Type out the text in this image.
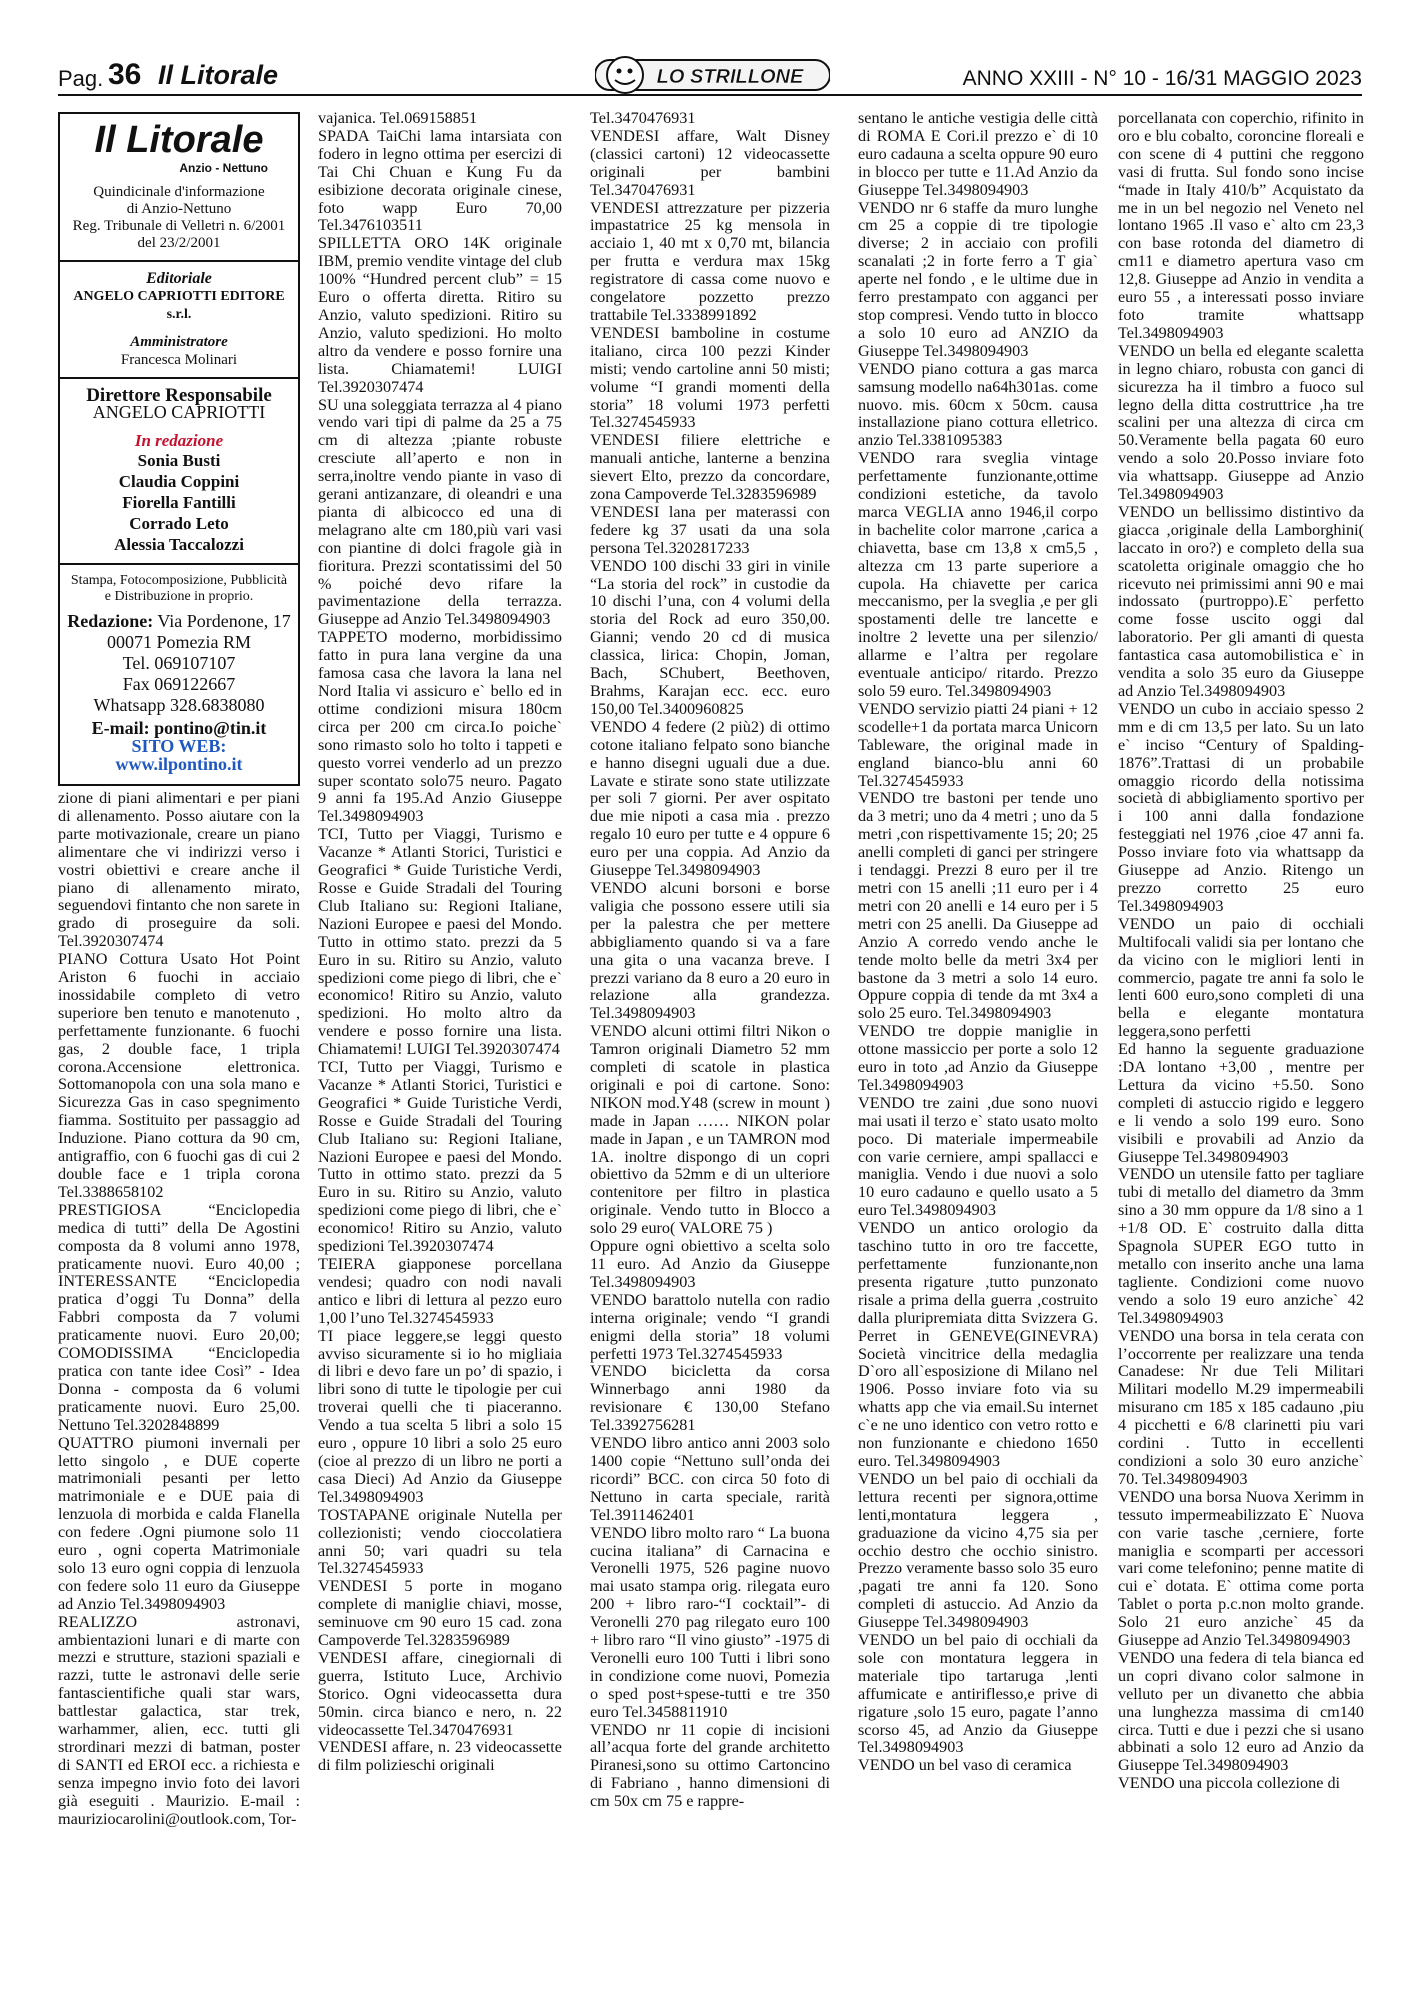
Pag. 36 Il Litorale	LO STRILLONE	ANNO XXIII - N° 10 - 16/31 MAGGIO 2023
Il Litorale
Anzio - Nettuno
Quindicinale d'informazione
di Anzio-Nettuno
Reg. Tribunale di Velletri n. 6/2001
del 23/2/2001
Editoriale
ANGELO CAPRIOTTI EDITORE s.r.l.
Amministratore
Francesca Molinari
Direttore Responsabile
ANGELO CAPRIOTTI
In redazione
Sonia Busti
Claudia Coppini
Fiorella Fantilli
Corrado Leto
Alessia Taccalozzi
Stampa, Fotocomposizione, Pubblicità
e Distribuzione in proprio.
Redazione: Via Pordenone, 17
00071 Pomezia RM
Tel. 069107107
Fax 069122667
Whatsapp 328.6838080
E-mail: pontino@tin.it
SITO WEB: www.ilpontino.it

zione di piani alimentari e per piani di allenamento. Posso aiutare con la parte motivazionale, creare un piano alimentare che vi indirizzi verso i vostri obiettivi e creare anche il piano di allenamento mirato, seguendovi fintanto che non sarete in grado di proseguire da soli. Tel.3920307474

PIANO Cottura Usato Hot Point Ariston 6 fuochi in acciaio inossidabile completo di vetro superiore ben tenuto e manotenuto , perfettamente funzionante. 6 fuochi gas, 2 double face, 1 tripla corona.Accensione elettronica. Sottomanopola con una sola mano e Sicurezza Gas in caso spegnimento fiamma. Sostituito per passaggio ad Induzione. Piano cottura da 90 cm, antigraffio, con 6 fuochi gas di cui 2 double face e 1 tripla corona Tel.3388658102

PRESTIGIOSA “Enciclopedia medica di tutti” della De Agostini composta da 8 volumi anno 1978, praticamente nuovi. Euro 40,00 ; INTERESSANTE “Enciclopedia pratica d’oggi Tu Donna” della Fabbri composta da 7 volumi praticamente nuovi. Euro 20,00; COMODISSIMA “Enciclopedia pratica con tante idee Così” - Idea Donna - composta da 6 volumi praticamente nuovi. Euro 25,00. Nettuno Tel.3202848899

QUATTRO piumoni invernali per letto singolo , e DUE coperte matrimoniali pesanti per letto matrimoniale e e DUE paia di lenzuola di morbida e calda Flanella con federe .Ogni piumone solo 11 euro , ogni coperta Matrimoniale solo 13 euro ogni coppia di lenzuola con federe solo 11 euro da Giuseppe ad Anzio Tel.3498094903

REALIZZO astronavi, ambientazioni lunari e di marte con mezzi e strutture, stazioni spaziali e razzi, tutte le astronavi delle serie fantascientifiche quali star wars, battlestar galactica, star trek, warhammer, alien, ecc. tutti gli strordinari mezzi di batman, poster di SANTI ed EROI ecc. a richiesta e senza impegno invio foto dei lavori già eseguiti . Maurizio. E-mail : mauriziocarolini@outlook.com, Tor-

vajanica. Tel.069158851

SPADA TaiChi lama intarsiata con fodero in legno ottima per esercizi di Tai Chi Chuan e Kung Fu da esibizione decorata originale cinese, foto wapp Euro 70,00 Tel.3476103511

SPILLETTA ORO 14K originale IBM, premio vendite vintage del club 100% “Hundred percent club” = 15 Euro o offerta diretta. Ritiro su Anzio, valuto spedizioni. Ritiro su Anzio, valuto spedizioni. Ho molto altro da vendere e posso fornire una lista. Chiamatemi! LUIGI Tel.3920307474

SU una soleggiata terrazza al 4 piano vendo vari tipi di palme da 25 a 75 cm di altezza ;piante robuste cresciute all’aperto e non in serra,inoltre vendo piante in vaso di gerani antizanzare, di oleandri e una pianta di albicocco ed una di melagrano alte cm 180,più vari vasi con piantine di dolci fragole già in fioritura. Prezzi scontatissimi del 50 % poiché devo rifare la pavimentazione della terrazza. Giuseppe ad Anzio Tel.3498094903

TAPPETO moderno, morbidissimo fatto in pura lana vergine da una famosa casa che lavora la lana nel Nord Italia vi assicuro e` bello ed in ottime condizioni misura 180cm circa per 200 cm circa.Io poiche` sono rimasto solo ho tolto i tappeti e questo vorrei venderlo ad un prezzo super scontato solo75 neuro. Pagato 9 anni fa 195.Ad Anzio Giuseppe Tel.3498094903

TCI, Tutto per Viaggi, Turismo e Vacanze * Atlanti Storici, Turistici e Geografici * Guide Turistiche Verdi, Rosse e Guide Stradali del Touring Club Italiano su: Regioni Italiane, Nazioni Europee e paesi del Mondo. Tutto in ottimo stato. prezzi da 5 Euro in su. Ritiro su Anzio, valuto spedizioni come piego di libri, che e` economico! Ritiro su Anzio, valuto spedizioni. Ho molto altro da vendere e posso fornire una lista. Chiamatemi! LUIGI Tel.3920307474

TCI, Tutto per Viaggi, Turismo e Vacanze * Atlanti Storici, Turistici e Geografici * Guide Turistiche Verdi, Rosse e Guide Stradali del Touring Club Italiano su: Regioni Italiane, Nazioni Europee e paesi del Mondo. Tutto in ottimo stato. prezzi da 5 Euro in su. Ritiro su Anzio, valuto spedizioni come piego di libri, che e` economico! Ritiro su Anzio, valuto spedizioni Tel.3920307474

TEIERA giapponese porcellana vendesi; quadro con nodi navali antico e libri di lettura al pezzo euro 1,00 l’uno Tel.3274545933

TI piace leggere,se leggi questo avviso sicuramente si io ho migliaia di libri e devo fare un po’ di spazio, i libri sono di tutte le tipologie per cui troverai quelli che ti piaceranno. Vendo a tua scelta 5 libri a solo 15 euro , oppure 10 libri a solo 25 euro (cioe al prezzo di un libro ne porti a casa Dieci) Ad Anzio da Giuseppe Tel.3498094903

TOSTAPANE originale Nutella per collezionisti; vendo cioccolatiera anni 50; vari quadri su tela Tel.3274545933

VENDESI 5 porte in mogano complete di maniglie chiavi, mosse, seminuove cm 90 euro 15 cad. zona Campoverde Tel.3283596989

VENDESI affare, cinegiornali di guerra, Istituto Luce, Archivio Storico. Ogni videocassetta dura 50min. circa bianco e nero, n. 22 videocassette Tel.3470476931

VENDESI affare, n. 23 videocassette di film polizieschi originali

Tel.3470476931

VENDESI affare, Walt Disney (classici cartoni) 12 videocassette originali per bambini Tel.3470476931

VENDESI attrezzature per pizzeria impastatrice 25 kg mensola in acciaio 1, 40 mt x 0,70 mt, bilancia per frutta e verdura max 15kg registratore di cassa come nuovo e congelatore pozzetto prezzo trattabile Tel.3338991892

VENDESI bamboline in costume italiano, circa 100 pezzi Kinder misti; vendo cartoline anni 50 misti; volume “I grandi momenti della storia” 18 volumi 1973 perfetti Tel.3274545933

VENDESI filiere elettriche e manuali antiche, lanterne a benzina sievert Elto, prezzo da concordare, zona Campoverde Tel.3283596989

VENDESI lana per materassi con federe kg 37 usati da una sola persona Tel.3202817233

VENDO 100 dischi 33 giri in vinile “La storia del rock” in custodie da 10 dischi l’una, con 4 volumi della storia del Rock ad euro 350,00. Gianni; vendo 20 cd di musica classica, lirica: Chopin, Joman, Bach, SChubert, Beethoven, Brahms, Karajan ecc. ecc. euro 150,00 Tel.3400960825

VENDO 4 federe (2 più2) di ottimo cotone italiano felpato sono bianche e hanno disegni uguali due a due. Lavate e stirate sono state utilizzate per soli 7 giorni. Per aver ospitato due mie nipoti a casa mia . prezzo regalo 10 euro per tutte e 4 oppure 6 euro per una coppia. Ad Anzio da Giuseppe Tel.3498094903

VENDO alcuni borsoni e borse valigia che possono essere utili sia per la palestra che per mettere abbigliamento quando si va a fare una gita o una vacanza breve. I prezzi variano da 8 euro a 20 euro in relazione alla grandezza. Tel.3498094903

VENDO alcuni ottimi filtri Nikon o Tamron originali Diametro 52 mm completi di scatole in plastica originali e poi di cartone. Sono: NIKON mod.Y48 (screw in mount ) made in Japan …… NIKON polar made in Japan , e un TAMRON mod 1A. inoltre dispongo di un copri obiettivo da 52mm e di un ulteriore contenitore per filtro in plastica originale. Vendo tutto in Blocco a solo 29 euro( VALORE 75 )

Oppure ogni obiettivo a scelta solo 11 euro. Ad Anzio da Giuseppe Tel.3498094903

VENDO barattolo nutella con radio interna originale; vendo “I grandi enigmi della storia” 18 volumi perfetti 1973 Tel.3274545933

VENDO bicicletta da corsa Winnerbago anni 1980 da revisionare € 130,00 Stefano Tel.3392756281

VENDO libro antico anni 2003 solo 1400 copie “Nettuno sull’onda dei ricordi” BCC. con circa 50 foto di Nettuno in carta speciale, rarità Tel.3911462401

VENDO libro molto raro “ La buona cucina italiana” di Carnacina e Veronelli 1975, 526 pagine nuovo mai usato stampa orig. rilegata euro 200 + libro raro-“I cocktail”- di Veronelli 270 pag rilegato euro 100 + libro raro “Il vino giusto” -1975 di Veronelli euro 100 Tutti i libri sono in condizione come nuovi, Pomezia o sped post+spese-tutti e tre 350 euro Tel.3458811910

VENDO nr 11 copie di incisioni all’acqua forte del grande architetto Piranesi,sono su ottimo Cartoncino di Fabriano , hanno dimensioni di cm 50x cm 75 e rappre-

sentano le antiche vestigia delle città di ROMA E Cori.il prezzo e` di 10 euro cadauna a scelta oppure 90 euro in blocco per tutte e 11.Ad Anzio da Giuseppe Tel.3498094903

VENDO nr 6 staffe da muro lunghe cm 25 a coppie di tre tipologie diverse; 2 in acciaio con profili scanalati ;2 in forte ferro a T gia` aperte nel fondo , e le ultime due in ferro prestampato con agganci per stop compresi. Vendo tutto in blocco a solo 10 euro ad ANZIO da Giuseppe Tel.3498094903

VENDO piano cottura a gas marca samsung modello na64h301as. come nuovo. mis. 60cm x 50cm. causa installazione piano cottura elletrico. anzio Tel.3381095383

VENDO rara sveglia vintage perfettamente funzionante,ottime condizioni estetiche, da tavolo marca VEGLIA anno 1946,il corpo in bachelite color marrone ,carica a chiavetta, base cm 13,8 x cm5,5 , altezza cm 13 parte superiore a cupola. Ha chiavette per carica meccanismo, per la sveglia ,e per gli spostamenti delle tre lancette e inoltre 2 levette una per silenzio/ allarme e l’altra per regolare eventuale anticipo/ ritardo. Prezzo solo 59 euro. Tel.3498094903

VENDO servizio piatti 24 piani + 12 scodelle+1 da portata marca Unicorn Tableware, the original made in england bianco-blu anni 60 Tel.3274545933

VENDO tre bastoni per tende uno da 3 metri; uno da 4 metri ; uno da 5 metri ,con rispettivamente 15; 20; 25 anelli completi di ganci per stringere i tendaggi. Prezzi 8 euro per il tre metri con 15 anelli ;11 euro per i 4 metri con 20 anelli e 14 euro per i 5 metri con 25 anelli. Da Giuseppe ad Anzio A corredo vendo anche le tende molto belle da metri 3x4 per bastone da 3 metri a solo 14 euro. Oppure coppia di tende da mt 3x4 a solo 25 euro. Tel.3498094903

VENDO tre doppie maniglie in ottone massiccio per porte a solo 12 euro in toto ,ad Anzio da Giuseppe Tel.3498094903

VENDO tre zaini ,due sono nuovi mai usati il terzo e` stato usato molto poco. Di materiale impermeabile con varie cerniere, ampi spallacci e maniglia. Vendo i due nuovi a solo 10 euro cadauno e quello usato a 5 euro Tel.3498094903

VENDO un antico orologio da taschino tutto in oro tre faccette, perfettamente funzionante,non presenta rigature ,tutto punzonato risale a prima della guerra ,costruito dalla pluripremiata ditta Svizzera G. Perret in GENEVE(GINEVRA) Società vincitrice della medaglia D`oro all`esposizione di Milano nel 1906. Posso inviare foto via su whatts app che via email.Su internet c`e ne uno identico con vetro rotto e non funzionante e chiedono 1650 euro. Tel.3498094903

VENDO un bel paio di occhiali da lettura recenti per signora,ottime lenti,montatura leggera , graduazione da vicino 4,75 sia per occhio destro che occhio sinistro. Prezzo veramente basso solo 35 euro ,pagati tre anni fa 120. Sono completi di astuccio. Ad Anzio da Giuseppe Tel.3498094903

VENDO un bel paio di occhiali da sole con montatura leggera in materiale tipo tartaruga ,lenti affumicate e antiriflesso,e prive di rigature ,solo 15 euro, pagate l’anno scorso 45, ad Anzio da Giuseppe Tel.3498094903

VENDO un bel vaso di ceramica

porcellanata con coperchio, rifinito in oro e blu cobalto, coroncine floreali e con scene di 4 puttini che reggono vasi di frutta. Sul fondo sono incise “made in Italy 410/b” Acquistato da me in un bel negozio nel Veneto nel lontano 1965 .Il vaso e` alto cm 23,3 con base rotonda del diametro di cm11 e diametro apertura vaso cm 12,8. Giuseppe ad Anzio in vendita a euro 55 , a interessati posso inviare foto tramite whattsapp Tel.3498094903

VENDO un bella ed elegante scaletta in legno chiaro, robusta con ganci di sicurezza ha il timbro a fuoco sul legno della ditta costruttrice ,ha tre scalini per una altezza di circa cm 50.Veramente bella pagata 60 euro vendo a solo 20.Posso inviare foto via whattsapp. Giuseppe ad Anzio Tel.3498094903

VENDO un bellissimo distintivo da giacca ,originale della Lamborghini( laccato in oro?) e completo della sua scatoletta originale omaggio che ho ricevuto nei primissimi anni 90 e mai indossato (purtroppo).E` perfetto come fosse uscito oggi dal laboratorio. Per gli amanti di questa fantastica casa automobilistica e` in vendita a solo 35 euro da Giuseppe ad Anzio Tel.3498094903

VENDO un cubo in acciaio spesso 2 mm e di cm 13,5 per lato. Su un lato e` inciso “Century of Spalding-1876”.Trattasi di un probabile omaggio ricordo della notissima società di abbigliamento sportivo per i 100 anni dalla fondazione festeggiati nel 1976 ,cioe 47 anni fa. Posso inviare foto via whattsapp da Giuseppe ad Anzio. Ritengo un prezzo corretto 25 euro Tel.3498094903

VENDO un paio di occhiali Multifocali validi sia per lontano che da vicino con le migliori lenti in commercio, pagate tre anni fa solo le lenti 600 euro,sono completi di una bella e elegante montatura leggera,sono perfetti

Ed hanno la seguente graduazione :DA lontano +3,00 , mentre per Lettura da vicino +5.50. Sono completi di astuccio rigido e leggero e li vendo a solo 199 euro. Sono visibili e provabili ad Anzio da Giuseppe Tel.3498094903

VENDO un utensile fatto per tagliare tubi di metallo del diametro da 3mm sino a 30 mm oppure da 1/8 sino a 1 +1/8 OD. E` costruito dalla ditta Spagnola SUPER EGO tutto in metallo con inserito anche una lama tagliente. Condizioni come nuovo vendo a solo 19 euro anziche` 42 Tel.3498094903

VENDO una borsa in tela cerata con l’occorrente per realizzare una tenda Canadese: Nr due Teli Militari Militari modello M.29 impermeabili misurano cm 185 x 185 cadauno ,piu 4 picchetti e 6/8 clarinetti piu vari cordini . Tutto in eccellenti condizioni a solo 30 euro anziche` 70. Tel.3498094903

VENDO una borsa Nuova Xerimm in tessuto impermeabilizzato E` Nuova con varie tasche ,cerniere, forte maniglia e scomparti per accessori vari come telefonino; penne matite di cui e` dotata. E` ottima come porta Tablet o porta p.c.non molto grande. Solo 21 euro anziche` 45 da Giuseppe ad Anzio Tel.3498094903

VENDO una federa di tela bianca ed un copri divano color salmone in velluto per un divanetto che abbia una lunghezza massima di cm140 circa. Tutti e due i pezzi che si usano abbinati a solo 12 euro ad Anzio da Giuseppe Tel.3498094903

VENDO una piccola collezione di
